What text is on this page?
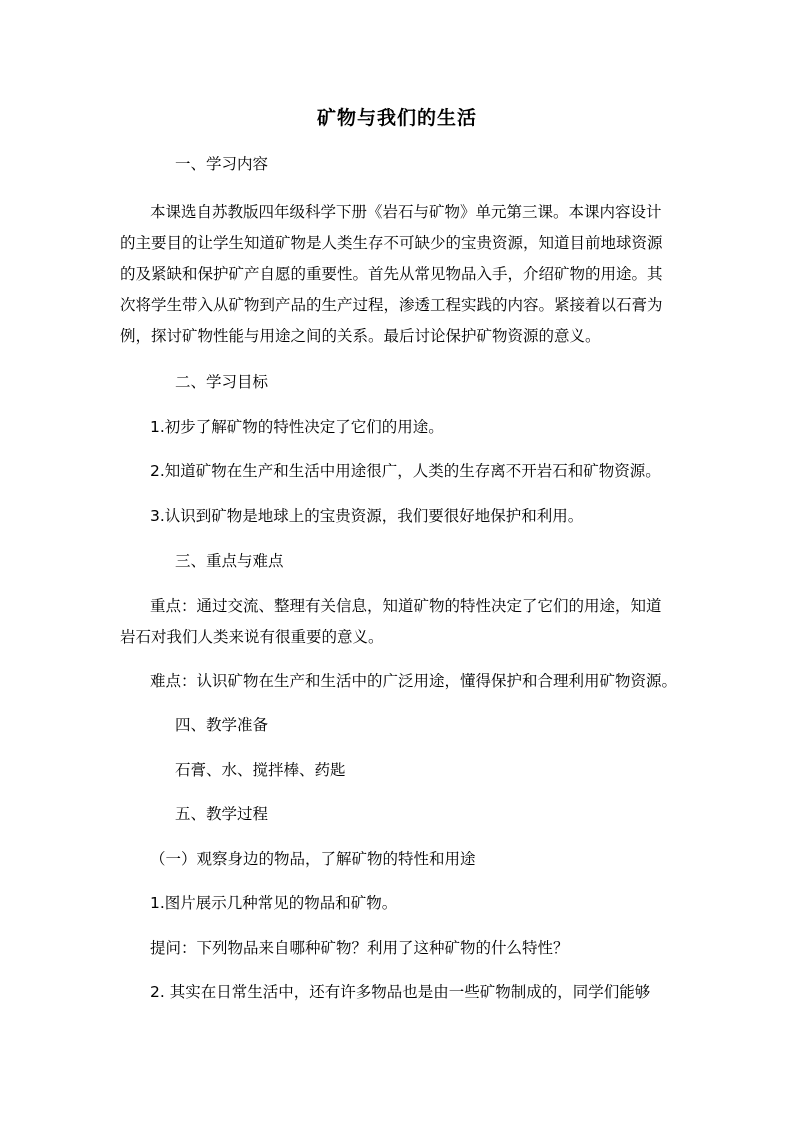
矿物与我们的生活
一、学习内容
本课选自苏教版四年级科学下册《岩石与矿物》单元第三课。本课内容设计
的主要目的让学生知道矿物是人类生存不可缺少的宝贵资源，知道目前地球资源
的及紧缺和保护矿产自愿的重要性。首先从常见物品入手，介绍矿物的用途。其
次将学生带入从矿物到产品的生产过程，渗透工程实践的内容。紧接着以石膏为
例，探讨矿物性能与用途之间的关系。最后讨论保护矿物资源的意义。
二、学习目标
1.初步了解矿物的特性决定了它们的用途。
2.知道矿物在生产和生活中用途很广，人类的生存离不开岩石和矿物资源。
3.认识到矿物是地球上的宝贵资源，我们要很好地保护和利用。
三、重点与难点
重点：通过交流、整理有关信息，知道矿物的特性决定了它们的用途，知道
岩石对我们人类来说有很重要的意义。
难点：认识矿物在生产和生活中的广泛用途，懂得保护和合理利用矿物资源。
四、教学准备
石膏、水、搅拌棒、药匙
五、教学过程
（一）观察身边的物品，了解矿物的特性和用途
1.图片展示几种常见的物品和矿物。
提问：下列物品来自哪种矿物？利用了这种矿物的什么特性？
2. 其实在日常生活中，还有许多物品也是由一些矿物制成的，同学们能够
